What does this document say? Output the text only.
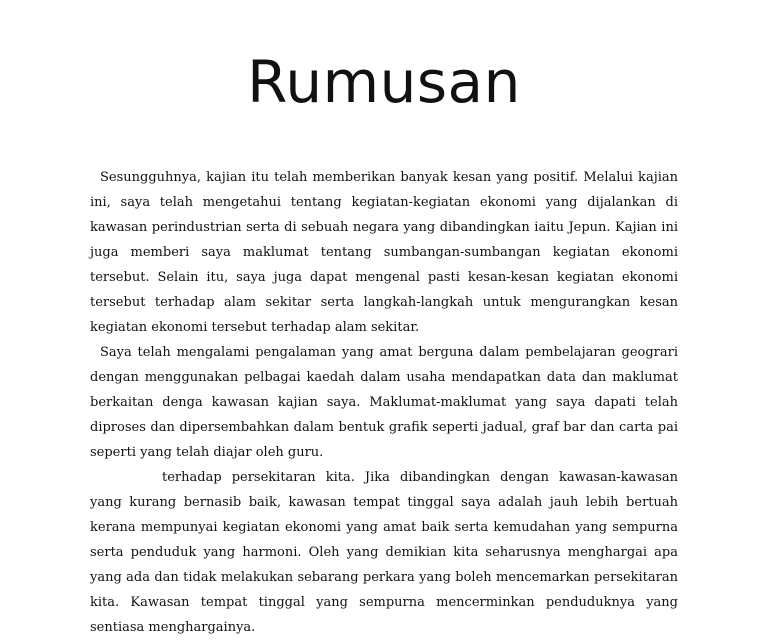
Rumusan

Sesungguhnya, kajian itu telah memberikan banyak kesan yang positif. Melalui kajian ini, saya telah mengetahui tentang kegiatan-kegiatan ekonomi yang dijalankan di kawasan perindustrian serta di sebuah negara yang dibandingkan iaitu Jepun. Kajian ini juga memberi saya maklumat tentang sumbangan-sumbangan kegiatan ekonomi tersebut. Selain itu, saya juga dapat mengenal pasti kesan-kesan kegiatan ekonomi tersebut terhadap alam sekitar serta langkah-langkah untuk mengurangkan kesan kegiatan ekonomi tersebut terhadap alam sekitar.

Saya telah mengalami pengalaman yang amat berguna dalam pembelajaran geograri dengan menggunakan pelbagai kaedah dalam usaha mendapatkan data dan maklumat berkaitan denga kawasan kajian saya. Maklumat-maklumat yang saya dapati telah diproses dan dipersembahkan dalam bentuk grafik seperti jadual, graf bar dan carta pai seperti yang telah diajar oleh guru.

terhadap persekitaran kita. Jika dibandingkan dengan kawasan-kawasan yang kurang bernasib baik, kawasan tempat tinggal saya adalah jauh lebih bertuah kerana mempunyai kegiatan ekonomi yang amat baik serta kemudahan yang sempurna serta penduduk yang harmoni. Oleh yang demikian kita seharusnya menghargai apa yang ada dan tidak melakukan sebarang perkara yang boleh mencemarkan persekitaran kita. Kawasan tempat tinggal yang sempurna mencerminkan penduduknya yang sentiasa menghargainya.
